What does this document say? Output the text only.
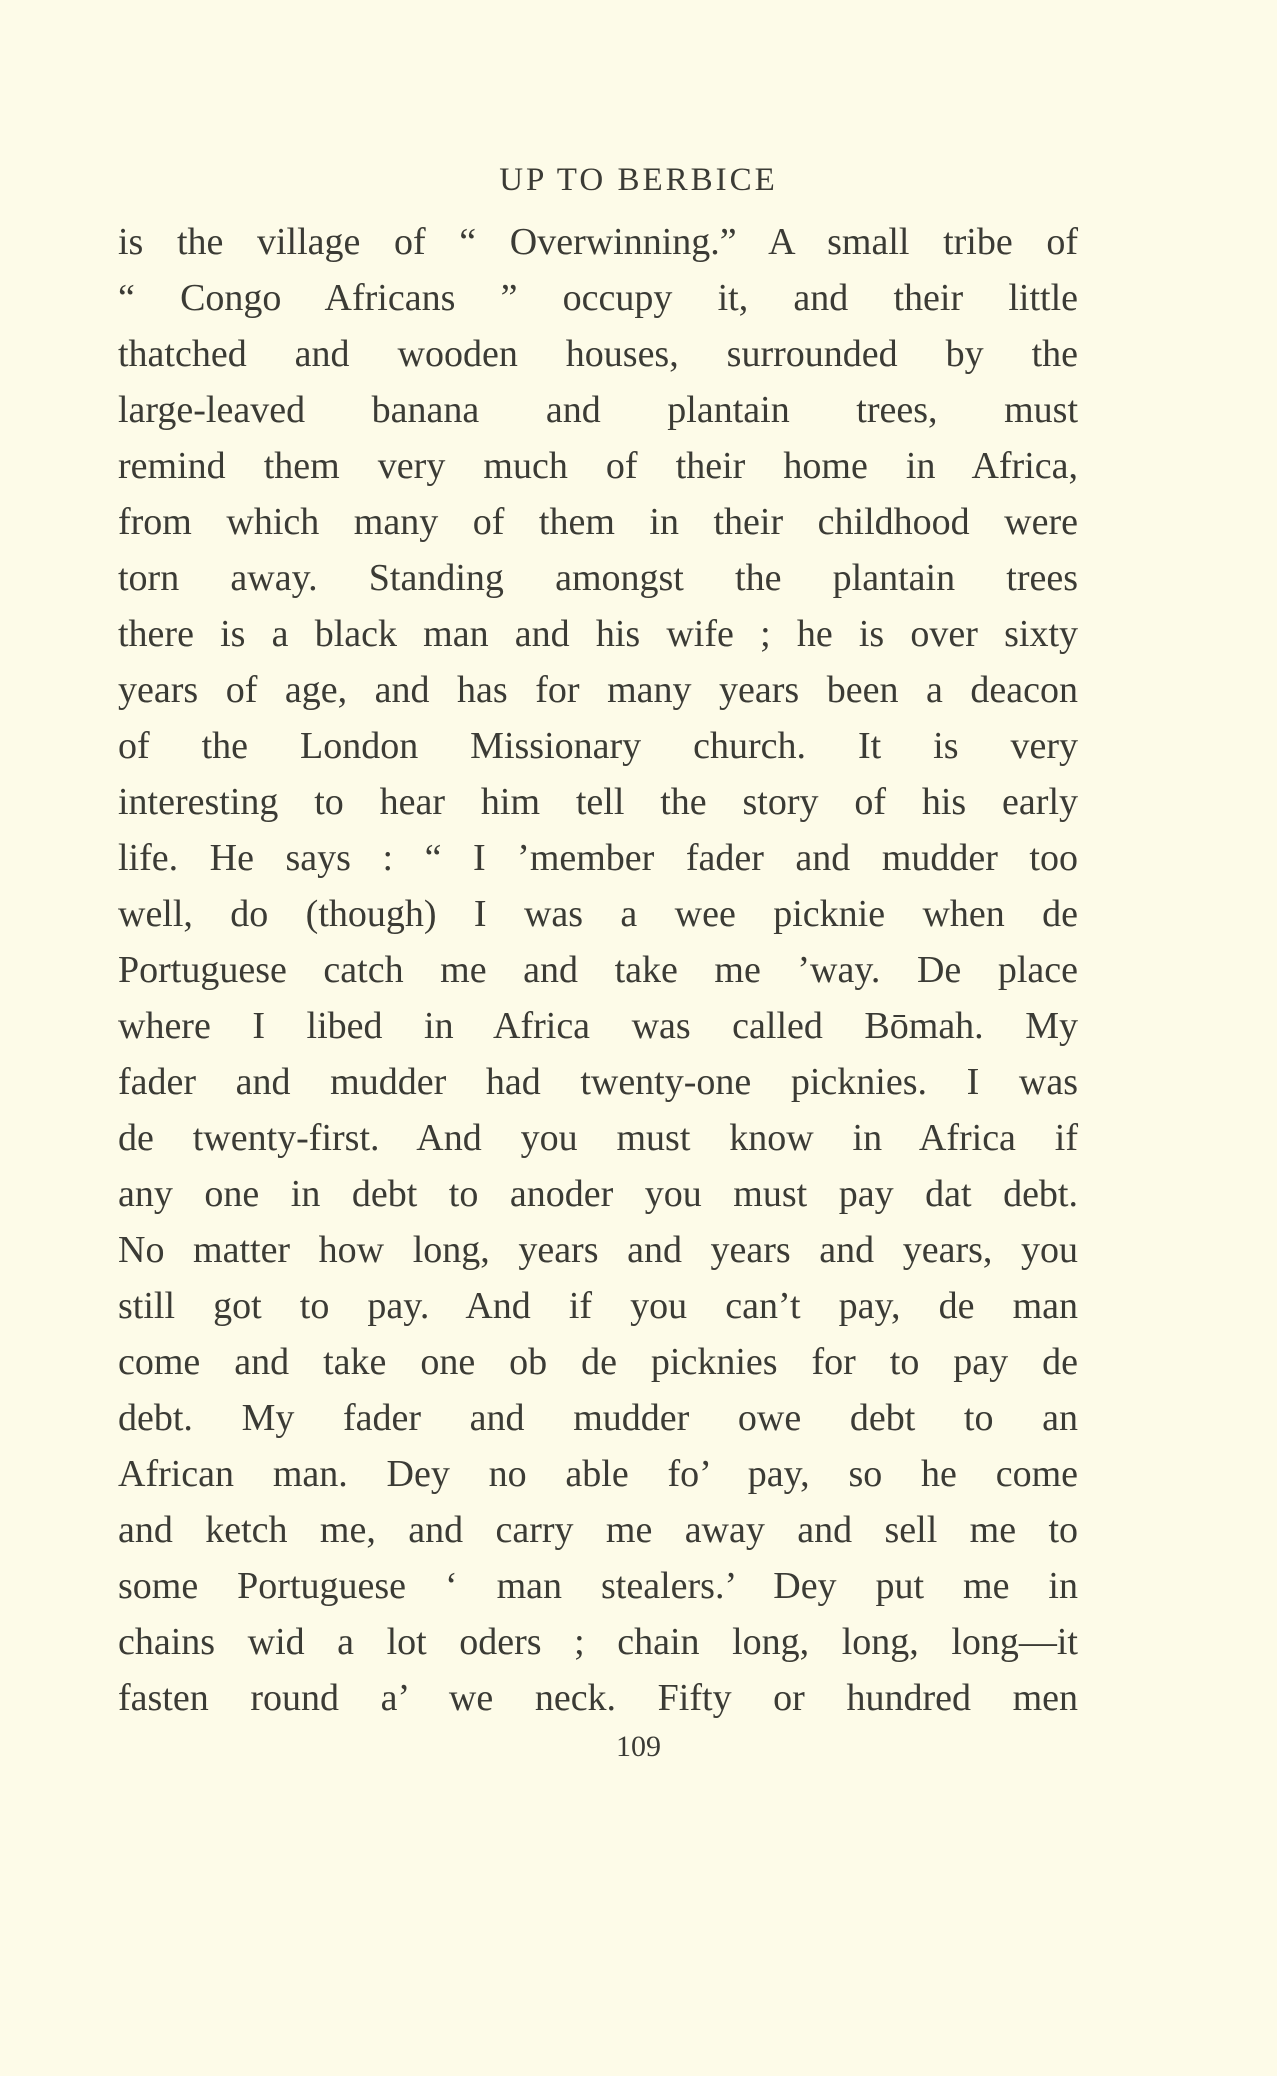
UP TO BERBICE
is the village of “ Overwinning.” A small tribe of
“ Congo Africans ” occupy it, and their little
thatched and wooden houses, surrounded by the
large-leaved banana and plantain trees, must
remind them very much of their home in Africa,
from which many of them in their childhood were
torn away. Standing amongst the plantain trees
there is a black man and his wife ; he is over sixty
years of age, and has for many years been a deacon
of the London Missionary church. It is very
interesting to hear him tell the story of his early
life. He says : “ I ’member fader and mudder too
well, do (though) I was a wee picknie when de
Portuguese catch me and take me ’way. De place
where I libed in Africa was called Bōmah. My
fader and mudder had twenty-one picknies. I was
de twenty-first. And you must know in Africa if
any one in debt to anoder you must pay dat debt.
No matter how long, years and years and years, you
still got to pay. And if you can’t pay, de man
come and take one ob de picknies for to pay de
debt. My fader and mudder owe debt to an
African man. Dey no able fo’ pay, so he come
and ketch me, and carry me away and sell me to
some Portuguese ‘ man stealers.’ Dey put me in
chains wid a lot oders ; chain long, long, long—it
fasten round a’ we neck. Fifty or hundred men
109
